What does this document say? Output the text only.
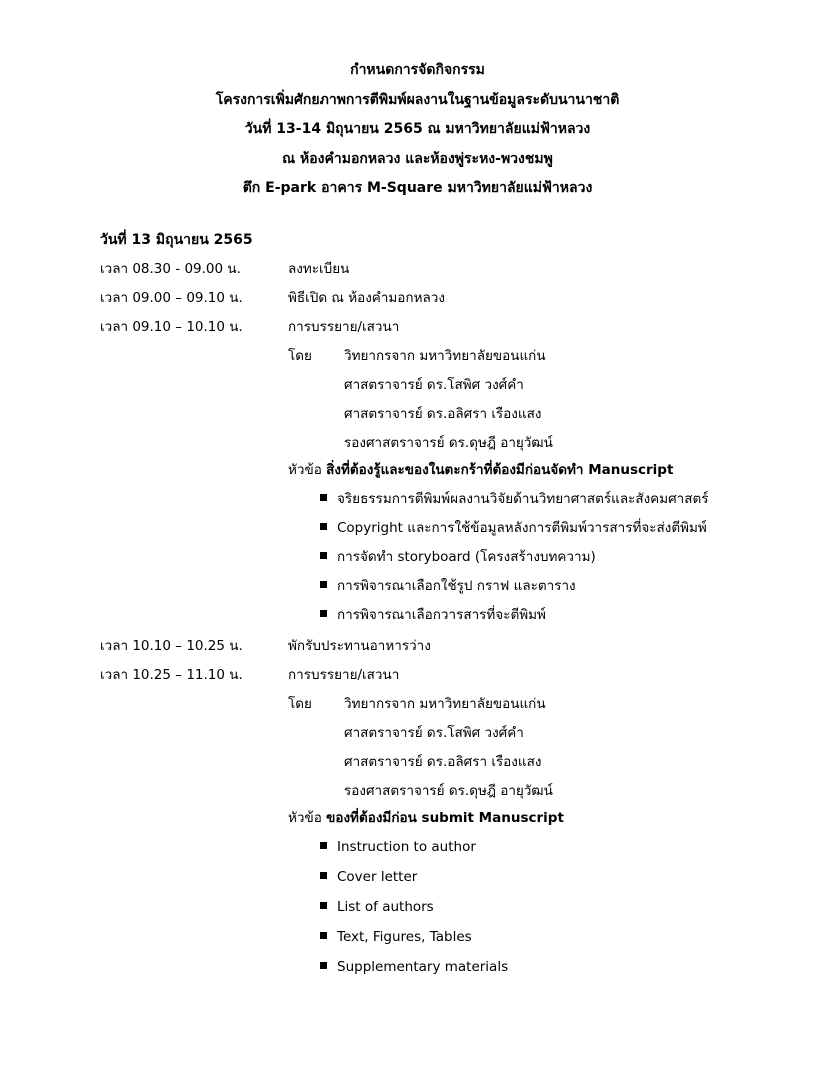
กำหนดการจัดกิจกรรม
โครงการเพิ่มศักยภาพการตีพิมพ์ผลงานในฐานข้อมูลระดับนานาชาติ
วันที่ 13-14 มิถุนายน 2565 ณ มหาวิทยาลัยแม่ฟ้าหลวง
ณ ห้องคำมอกหลวง และห้องพู่ระหง-พวงชมพู
ตึก E-park อาคาร M-Square มหาวิทยาลัยแม่ฟ้าหลวง
วันที่ 13 มิถุนายน 2565
เวลา 08.30 - 09.00 น.	ลงทะเบียน
เวลา 09.00 – 09.10 น.	พิธีเปิด ณ ห้องคำมอกหลวง
เวลา 09.10 – 10.10 น.	การบรรยาย/เสวนา
โดย วิทยากรจาก มหาวิทยาลัยขอนแก่น
ศาสตราจารย์ ดร.โสพิศ วงศ์คำ
ศาสตราจารย์ ดร.อลิศรา เรืองแสง
รองศาสตราจารย์ ดร.ดุษฎี อายุวัฒน์
หัวข้อ สิ่งที่ต้องรู้และของในตะกร้าที่ต้องมีก่อนจัดทำ Manuscript
จริยธรรมการตีพิมพ์ผลงานวิจัยด้านวิทยาศาสตร์และสังคมศาสตร์
Copyright และการใช้ข้อมูลหลังการตีพิมพ์วารสารที่จะส่งตีพิมพ์
การจัดทำ storyboard (โครงสร้างบทความ)
การพิจารณาเลือกใช้รูป กราฟ และตาราง
การพิจารณาเลือกวารสารที่จะตีพิมพ์
เวลา 10.10 – 10.25 น.	พักรับประทานอาหารว่าง
เวลา 10.25 – 11.10 น.	การบรรยาย/เสวนา
โดย วิทยากรจาก มหาวิทยาลัยขอนแก่น
ศาสตราจารย์ ดร.โสพิศ วงศ์คำ
ศาสตราจารย์ ดร.อลิศรา เรืองแสง
รองศาสตราจารย์ ดร.ดุษฎี อายุวัฒน์
หัวข้อ ของที่ต้องมีก่อน submit Manuscript
Instruction to author
Cover letter
List of authors
Text, Figures, Tables
Supplementary materials
